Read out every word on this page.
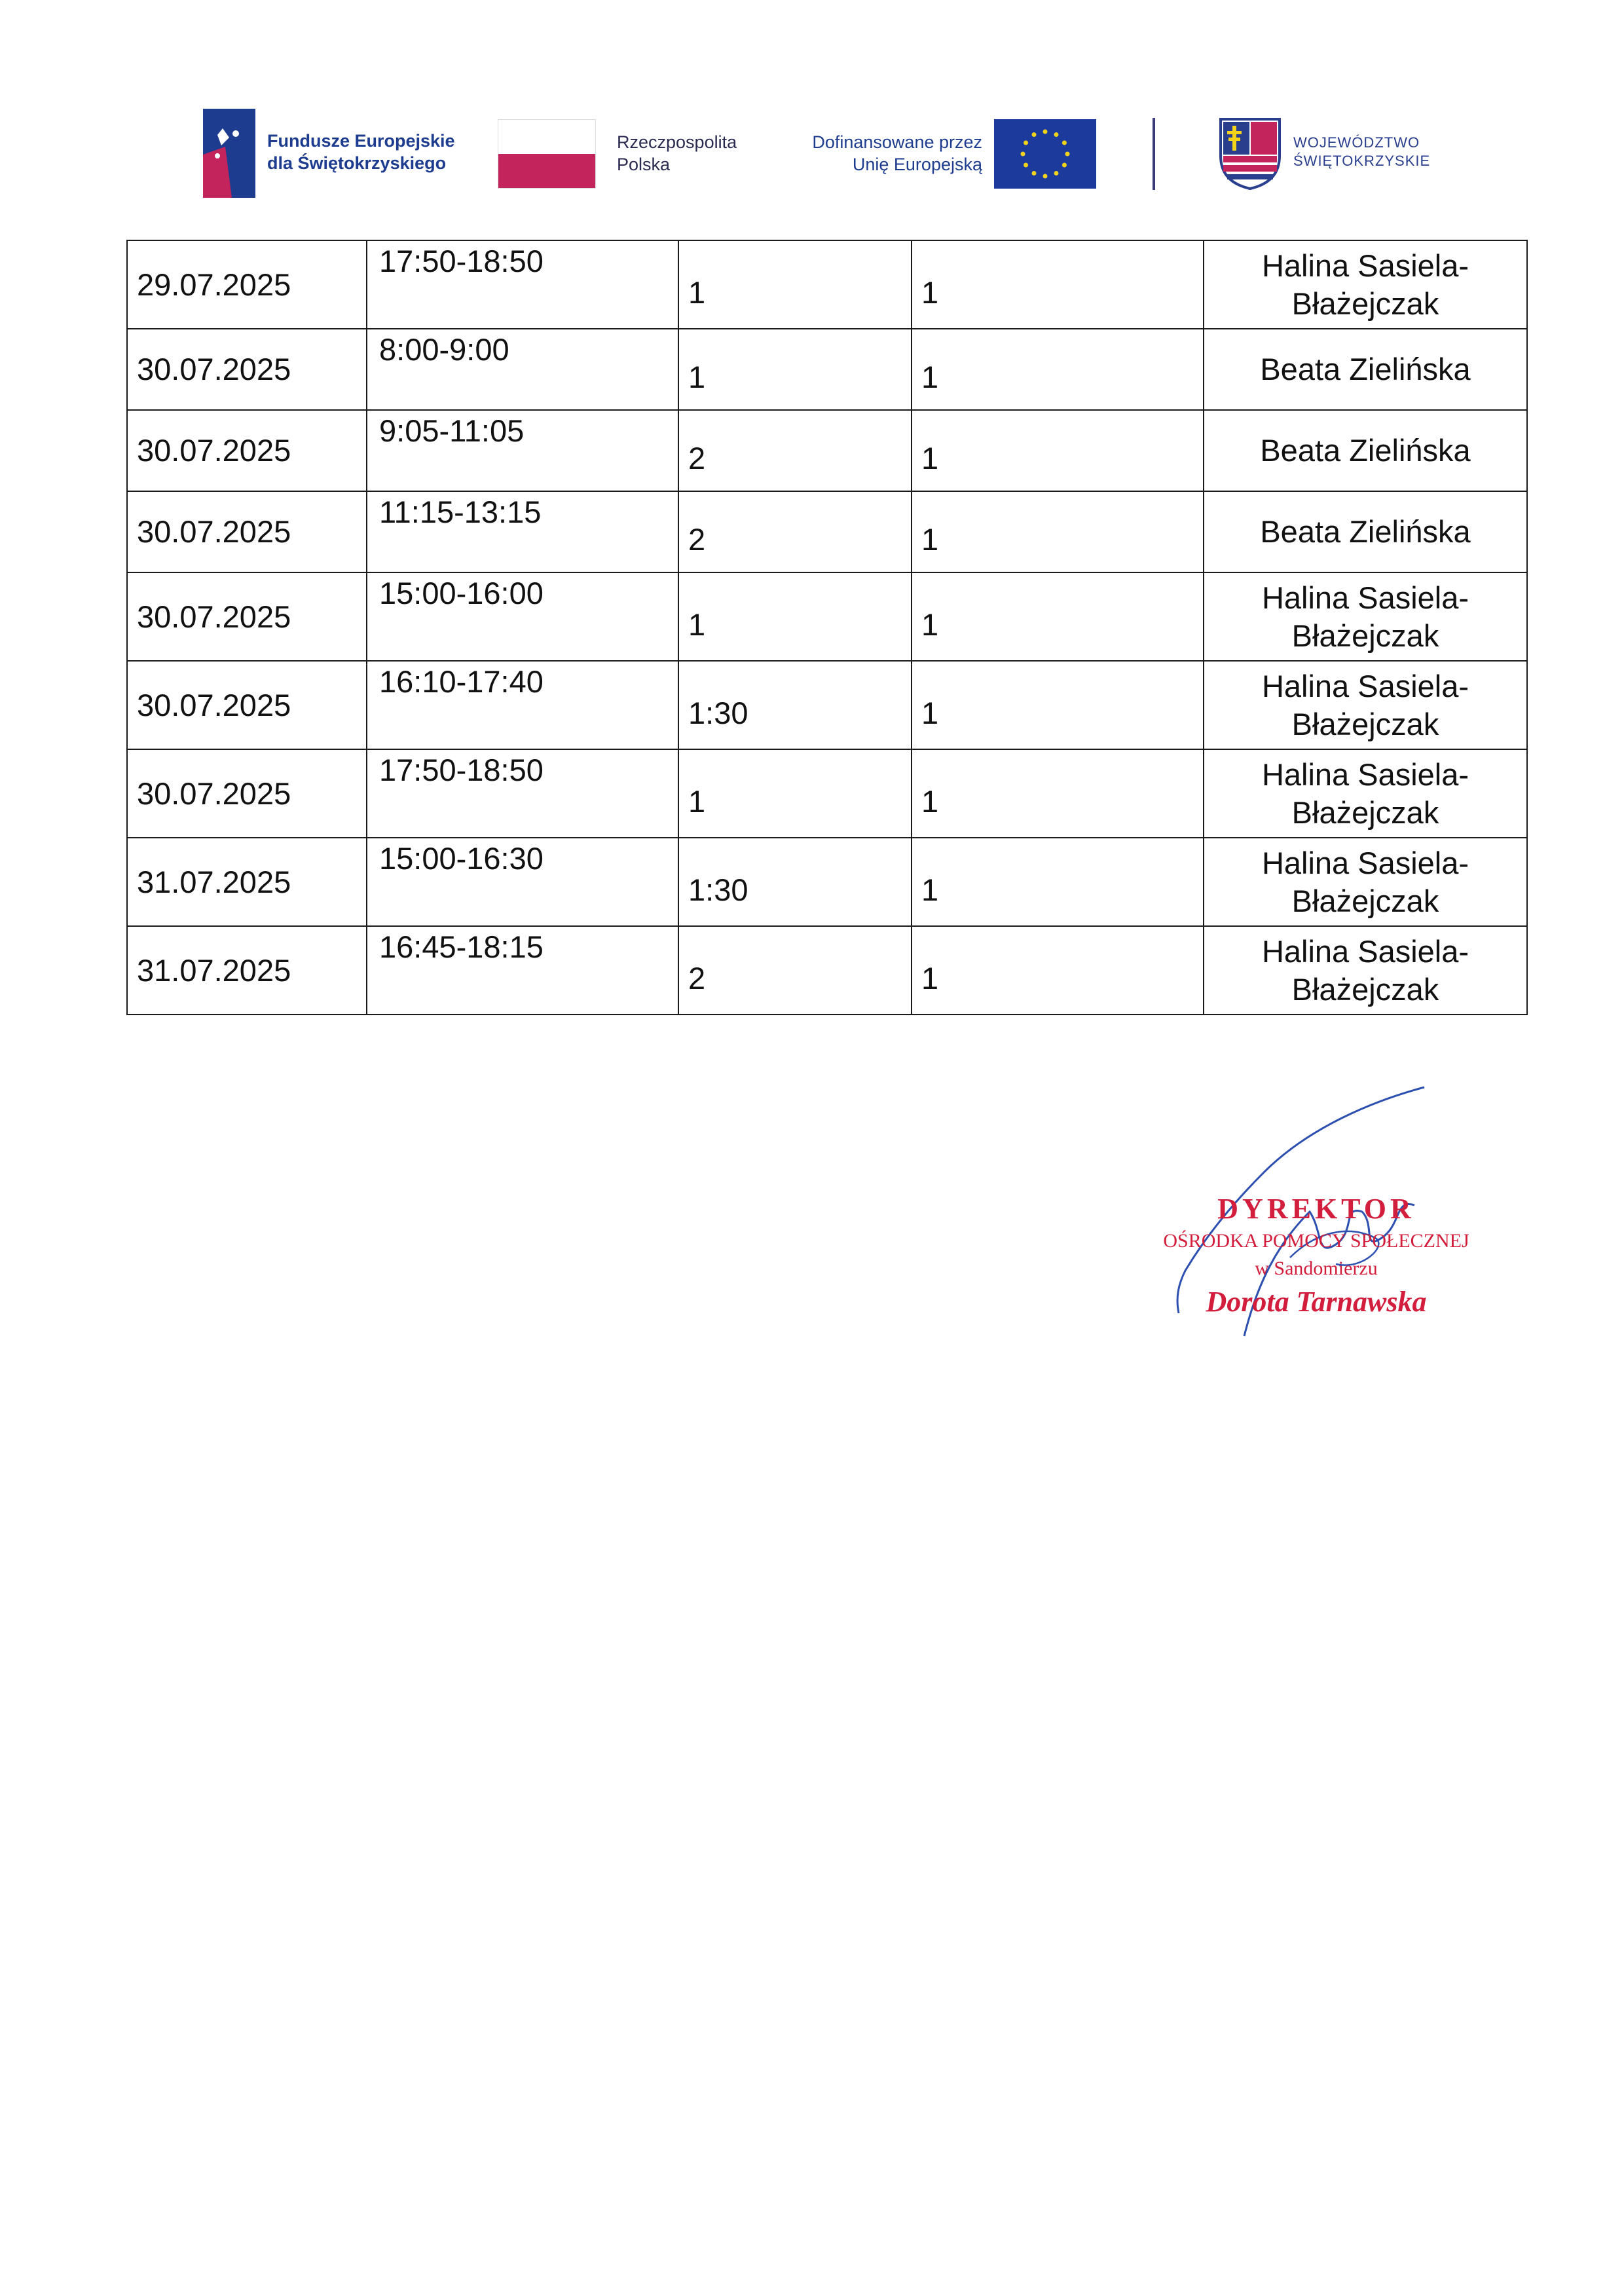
Fundusze Europejskie
dla Świętokrzyskiego
Rzeczpospolita
Polska
Dofinansowane przez
Unię Europejską
WOJEWÓDZTWO
ŚWIĘTOKRZYSKIE
29.07.2025	17:50-18:50	1	1	Halina Sasiela-
Błażejczak

30.07.2025	8:00-9:00	1	1	Beata Zielińska

30.07.2025	9:05-11:05	2	1	Beata Zielińska

30.07.2025	11:15-13:15	2	1	Beata Zielińska

30.07.2025	15:00-16:00	1	1	Halina Sasiela-
Błażejczak

30.07.2025	16:10-17:40	1:30	1	Halina Sasiela-
Błażejczak

30.07.2025	17:50-18:50	1	1	Halina Sasiela-
Błażejczak

31.07.2025	15:00-16:30	1:30	1	Halina Sasiela-
Błażejczak

31.07.2025	16:45-18:15	2	1	Halina Sasiela-
Błażejczak
DYREKTOR
OŚRODKA POMOCY SPOŁECZNEJ
w Sandomierzu
Dorota Tarnawska
